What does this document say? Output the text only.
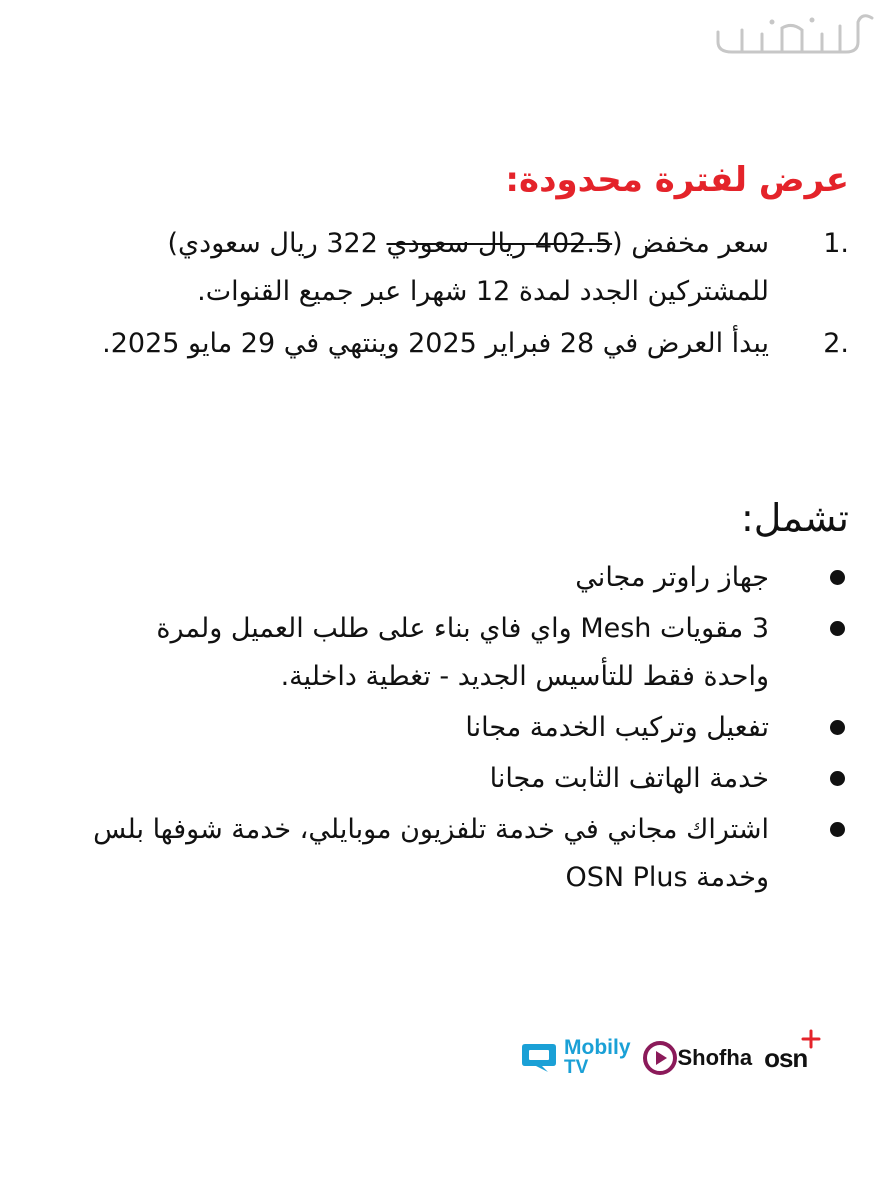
عرض لفترة محدودة:
1.
سعر مخفض (402.5 ريال سعودي 322 ريال سعودي) للمشتركين الجدد لمدة 12 شهرا عبر جميع القنوات.
2.
يبدأ العرض في 28 فبراير 2025 وينتهي في 29 مايو 2025.
تشمل:
جهاز راوتر مجاني
3 مقويات Mesh واي فاي بناء على طلب العميل ولمرة واحدة فقط للتأسيس الجديد - تغطية داخلية.
تفعيل وتركيب الخدمة مجانا
خدمة الهاتف الثابت مجانا
اشتراك مجاني في خدمة تلفزيون موبايلي، خدمة شوفها بلس وخدمة OSN Plus
Mobily
TV	Shofha osn
